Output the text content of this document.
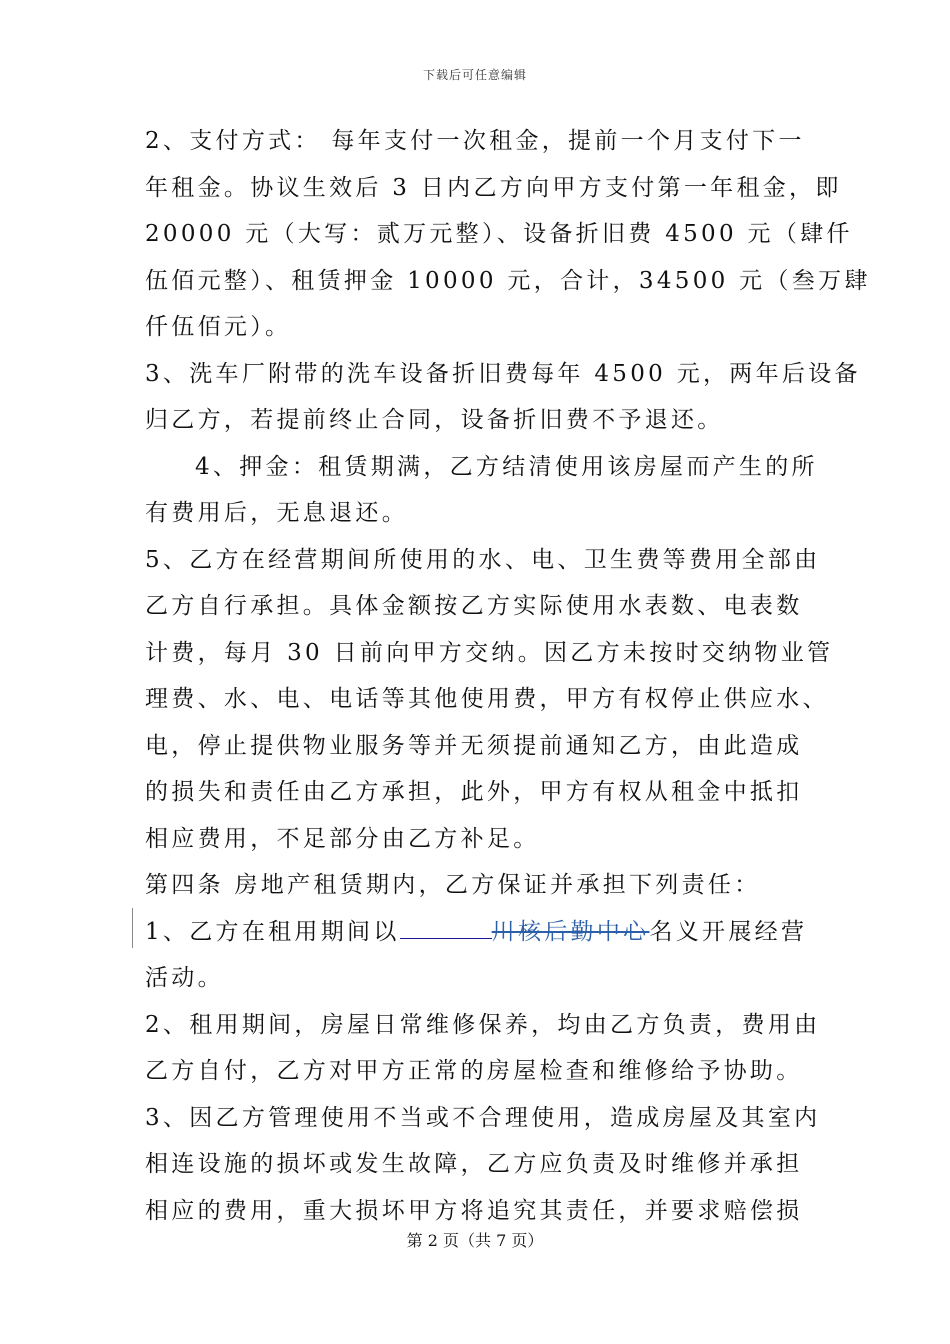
下载后可任意编辑

2、支付方式： 每年支付一次租金，提前一个月支付下一

年租金。协议生效后 3 日内乙方向甲方支付第一年租金，即

20000 元（大写：贰万元整）、设备折旧费 4500 元（肆仟

伍佰元整）、租赁押金 10000 元，合计，34500 元（叁万肆

仟伍佰元）。

3、洗车厂附带的洗车设备折旧费每年 4500 元，两年后设备

归乙方，若提前终止合同，设备折旧费不予退还。

4、押金：租赁期满，乙方结清使用该房屋而产生的所

有费用后，无息退还。

5、乙方在经营期间所使用的水、电、卫生费等费用全部由

乙方自行承担。具体金额按乙方实际使用水表数、电表数

计费，每月 30 日前向甲方交纳。因乙方未按时交纳物业管

理费、水、电、电话等其他使用费，甲方有权停止供应水、

电，停止提供物业服务等并无须提前通知乙方，由此造成

的损失和责任由乙方承担，此外，甲方有权从租金中抵扣

相应费用，不足部分由乙方补足。

第四条 房地产租赁期内，乙方保证并承担下列责任：

1、乙方在租用期间以	川核后勤中心名义开展经营

活动。

2、租用期间，房屋日常维修保养，均由乙方负责，费用由

乙方自付，乙方对甲方正常的房屋检查和维修给予协助。

3、因乙方管理使用不当或不合理使用，造成房屋及其室内

相连设施的损坏或发生故障，乙方应负责及时维修并承担

相应的费用，重大损坏甲方将追究其责任，并要求赔偿损

第 2 页（共 7 页）
